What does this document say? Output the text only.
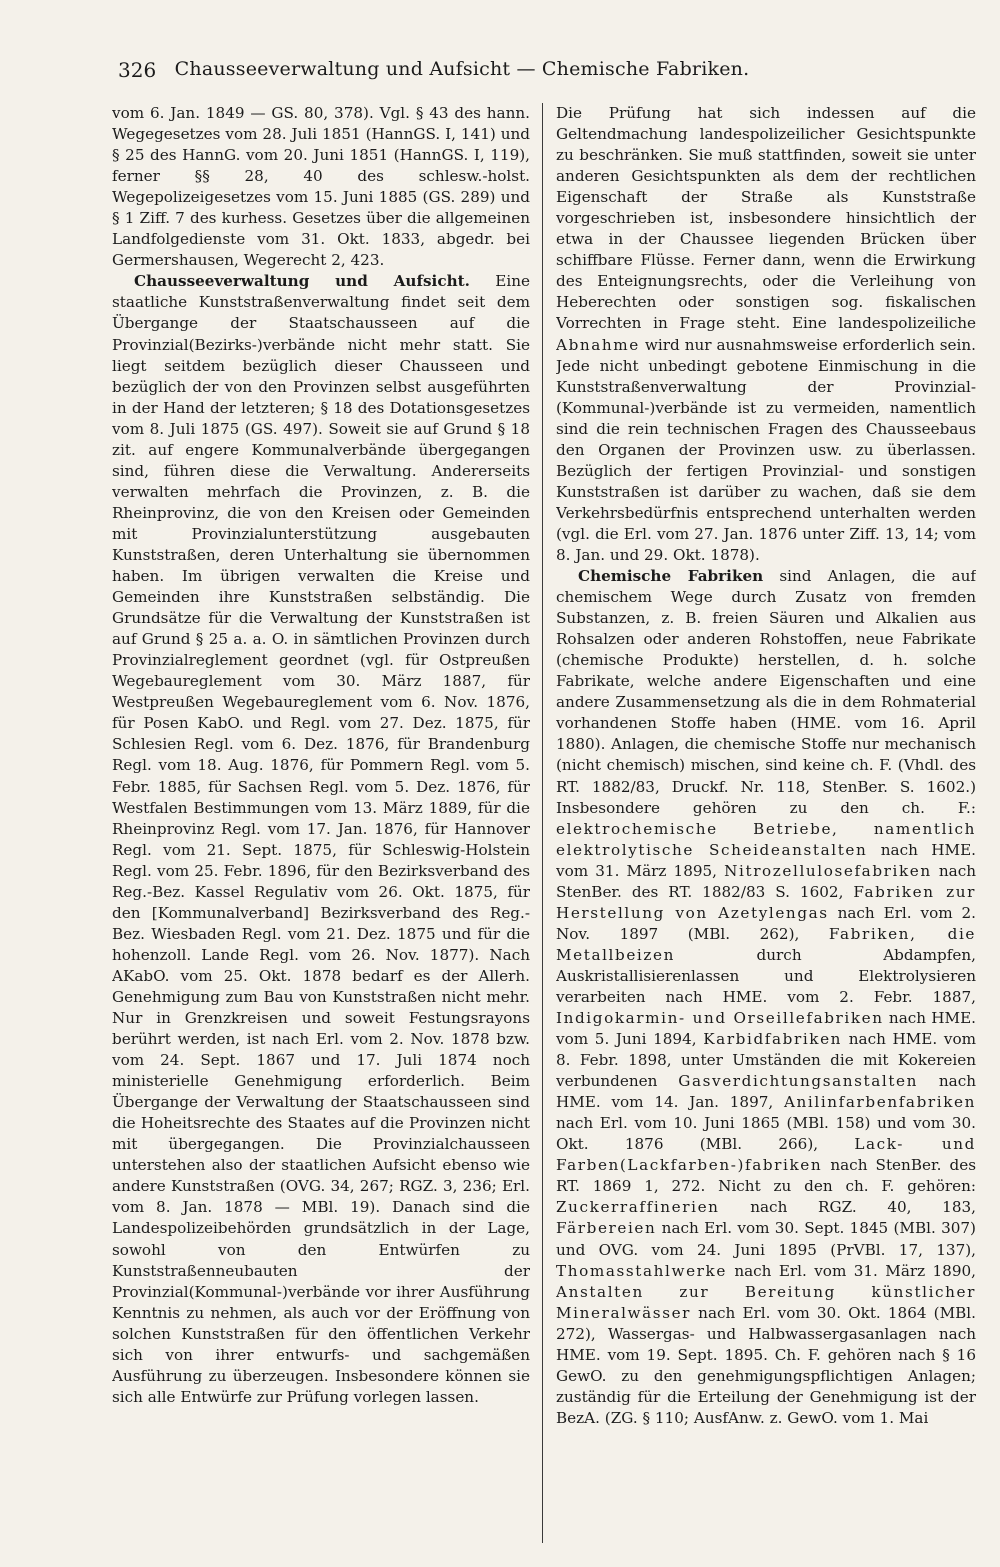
326 Chausseeverwaltung und Aufsicht — Chemische Fabriken.

vom 6. Jan. 1849 — GS. 80, 378). Vgl. § 43 des hann. Wegegesetzes vom 28. Juli 1851 (HannGS. I, 141) und § 25 des HannG. vom 20. Juni 1851 (HannGS. I, 119), ferner §§ 28, 40 des schlesw.-holst. Wegepolizeigesetzes vom 15. Juni 1885 (GS. 289) und § 1 Ziff. 7 des kurhess. Gesetzes über die allgemeinen Landfolgedienste vom 31. Okt. 1833, abgedr. bei Germershausen, Wegerecht 2, 423.

Chausseeverwaltung und Aufsicht. Eine staatliche Kunststraßenverwaltung findet seit dem Übergange der Staatschausseen auf die Provinzial(Bezirks-)verbände nicht mehr statt. Sie liegt seitdem bezüglich dieser Chausseen und bezüglich der von den Provinzen selbst ausgeführten in der Hand der letzteren; § 18 des Dotationsgesetzes vom 8. Juli 1875 (GS. 497). Soweit sie auf Grund § 18 zit. auf engere Kommunalverbände übergegangen sind, führen diese die Verwaltung. Andererseits verwalten mehrfach die Provinzen, z. B. die Rheinprovinz, die von den Kreisen oder Gemeinden mit Provinzialunterstützung ausgebauten Kunststraßen, deren Unterhaltung sie übernommen haben. Im übrigen verwalten die Kreise und Gemeinden ihre Kunststraßen selbständig. Die Grundsätze für die Verwaltung der Kunststraßen ist auf Grund § 25 a. a. O. in sämtlichen Provinzen durch Provinzialreglement geordnet (vgl. für Ostpreußen Wegebaureglement vom 30. März 1887, für Westpreußen Wegebaureglement vom 6. Nov. 1876, für Posen KabO. und Regl. vom 27. Dez. 1875, für Schlesien Regl. vom 6. Dez. 1876, für Brandenburg Regl. vom 18. Aug. 1876, für Pommern Regl. vom 5. Febr. 1885, für Sachsen Regl. vom 5. Dez. 1876, für Westfalen Bestimmungen vom 13. März 1889, für die Rheinprovinz Regl. vom 17. Jan. 1876, für Hannover Regl. vom 21. Sept. 1875, für Schleswig-Holstein Regl. vom 25. Febr. 1896, für den Bezirksverband des Reg.-Bez. Kassel Regulativ vom 26. Okt. 1875, für den [Kommunalverband] Bezirksverband des Reg.-Bez. Wiesbaden Regl. vom 21. Dez. 1875 und für die hohenzoll. Lande Regl. vom 26. Nov. 1877). Nach AKabO. vom 25. Okt. 1878 bedarf es der Allerh. Genehmigung zum Bau von Kunststraßen nicht mehr. Nur in Grenzkreisen und soweit Festungsrayons berührt werden, ist nach Erl. vom 2. Nov. 1878 bzw. vom 24. Sept. 1867 und 17. Juli 1874 noch ministerielle Genehmigung erforderlich. Beim Übergange der Verwaltung der Staatschausseen sind die Hoheitsrechte des Staates auf die Provinzen nicht mit übergegangen. Die Provinzialchausseen unterstehen also der staatlichen Aufsicht ebenso wie andere Kunststraßen (OVG. 34, 267; RGZ. 3, 236; Erl. vom 8. Jan. 1878 — MBl. 19). Danach sind die Landespolizeibehörden grundsätzlich in der Lage, sowohl von den Entwürfen zu Kunststraßenneubauten der Provinzial(Kommunal-)verbände vor ihrer Ausführung Kenntnis zu nehmen, als auch vor der Eröffnung von solchen Kunststraßen für den öffentlichen Verkehr sich von ihrer entwurfs- und sachgemäßen Ausführung zu überzeugen. Insbesondere können sie sich alle Entwürfe zur Prüfung vorlegen lassen.

Die Prüfung hat sich indessen auf die Geltendmachung landespolizeilicher Gesichtspunkte zu beschränken. Sie muß stattfinden, soweit sie unter anderen Gesichtspunkten als dem der rechtlichen Eigenschaft der Straße als Kunststraße vorgeschrieben ist, insbesondere hinsichtlich der etwa in der Chaussee liegenden Brücken über schiffbare Flüsse. Ferner dann, wenn die Erwirkung des Enteignungsrechts, oder die Verleihung von Heberechten oder sonstigen sog. fiskalischen Vorrechten in Frage steht. Eine landespolizeiliche Abnahme wird nur ausnahmsweise erforderlich sein. Jede nicht unbedingt gebotene Einmischung in die Kunststraßenverwaltung der Provinzial-(Kommunal-)verbände ist zu vermeiden, namentlich sind die rein technischen Fragen des Chausseebaus den Organen der Provinzen usw. zu überlassen. Bezüglich der fertigen Provinzial- und sonstigen Kunststraßen ist darüber zu wachen, daß sie dem Verkehrsbedürfnis entsprechend unterhalten werden (vgl. die Erl. vom 27. Jan. 1876 unter Ziff. 13, 14; vom 8. Jan. und 29. Okt. 1878).

Chemische Fabriken sind Anlagen, die auf chemischem Wege durch Zusatz von fremden Substanzen, z. B. freien Säuren und Alkalien aus Rohsalzen oder anderen Rohstoffen, neue Fabrikate (chemische Produkte) herstellen, d. h. solche Fabrikate, welche andere Eigenschaften und eine andere Zusammensetzung als die in dem Rohmaterial vorhandenen Stoffe haben (HME. vom 16. April 1880). Anlagen, die chemische Stoffe nur mechanisch (nicht chemisch) mischen, sind keine ch. F. (Vhdl. des RT. 1882/83, Druckf. Nr. 118, StenBer. S. 1602.) Insbesondere gehören zu den ch. F.: elektrochemische Betriebe, namentlich elektrolytische Scheideanstalten nach HME. vom 31. März 1895, Nitrozellulosefabriken nach StenBer. des RT. 1882/83 S. 1602, Fabriken zur Herstellung von Azetylengas nach Erl. vom 2. Nov. 1897 (MBl. 262), Fabriken, die Metallbeizen durch Abdampfen, Auskristallisierenlassen und Elektrolysieren verarbeiten nach HME. vom 2. Febr. 1887, Indigokarmin- und Orseillefabriken nach HME. vom 5. Juni 1894, Karbidfabriken nach HME. vom 8. Febr. 1898, unter Umständen die mit Kokereien verbundenen Gasverdichtungsanstalten nach HME. vom 14. Jan. 1897, Anilinfarbenfabriken nach Erl. vom 10. Juni 1865 (MBl. 158) und vom 30. Okt. 1876 (MBl. 266), Lack- und Farben(Lackfarben-)fabriken nach StenBer. des RT. 1869 1, 272. Nicht zu den ch. F. gehören: Zuckerraffinerien nach RGZ. 40, 183, Färbereien nach Erl. vom 30. Sept. 1845 (MBl. 307) und OVG. vom 24. Juni 1895 (PrVBl. 17, 137), Thomasstahlwerke nach Erl. vom 31. März 1890, Anstalten zur Bereitung künstlicher Mineralwässer nach Erl. vom 30. Okt. 1864 (MBl. 272), Wassergas- und Halbwassergasanlagen nach HME. vom 19. Sept. 1895. Ch. F. gehören nach § 16 GewO. zu den genehmigungspflichtigen Anlagen; zuständig für die Erteilung der Genehmigung ist der BezA. (ZG. § 110; AusfAnw. z. GewO. vom 1. Mai
